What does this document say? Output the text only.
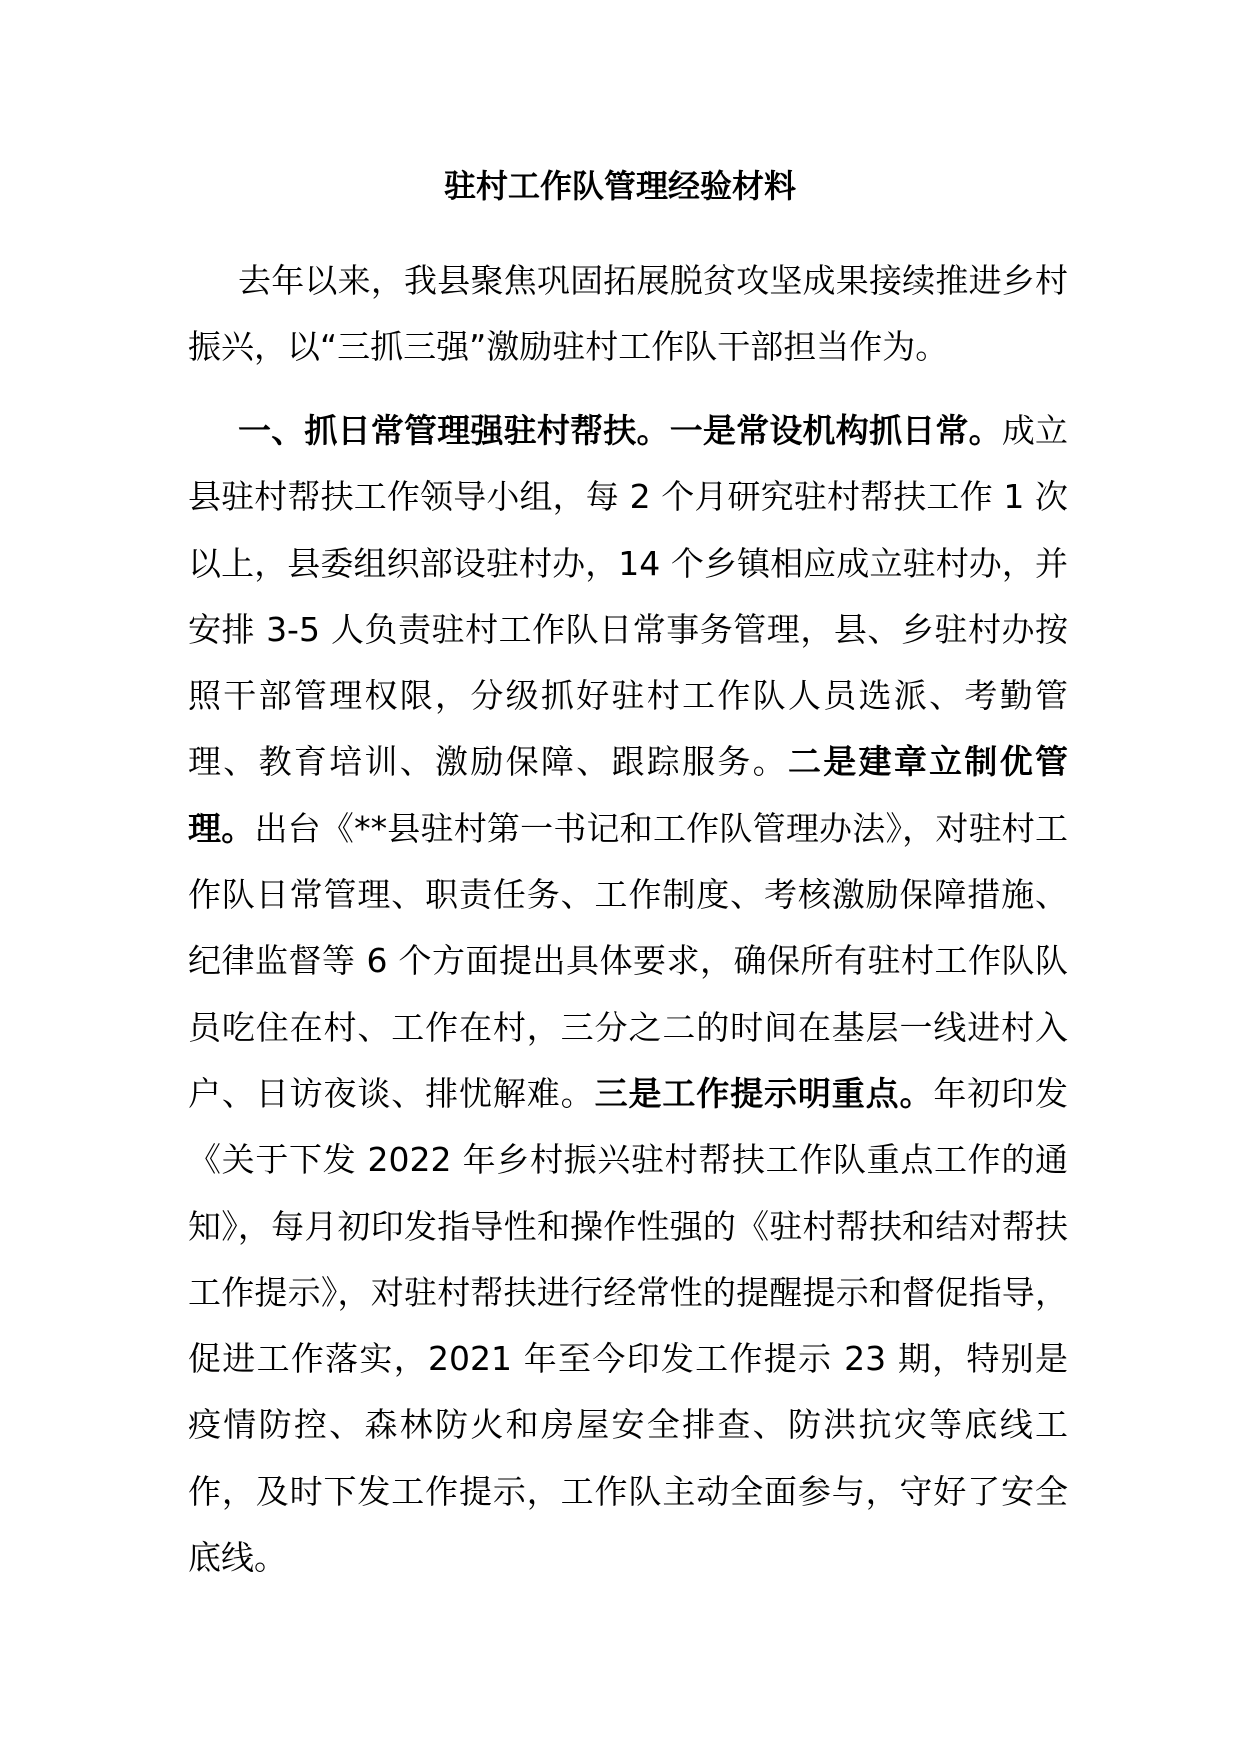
驻村工作队管理经验材料

去年以来，我县聚焦巩固拓展脱贫攻坚成果接续推进乡村振兴，以“三抓三强”激励驻村工作队干部担当作为。

一、抓日常管理强驻村帮扶。一是常设机构抓日常。成立县驻村帮扶工作领导小组，每 2 个月研究驻村帮扶工作 1 次以上，县委组织部设驻村办，14 个乡镇相应成立驻村办，并安排 3-5 人负责驻村工作队日常事务管理，县、乡驻村办按照干部管理权限，分级抓好驻村工作队人员选派、考勤管理、教育培训、激励保障、跟踪服务。二是建章立制优管理。出台《**县驻村第一书记和工作队管理办法》，对驻村工作队日常管理、职责任务、工作制度、考核激励保障措施、纪律监督等 6 个方面提出具体要求，确保所有驻村工作队队员吃住在村、工作在村，三分之二的时间在基层一线进村入户、日访夜谈、排忧解难。三是工作提示明重点。年初印发《关于下发 2022 年乡村振兴驻村帮扶工作队重点工作的通知》，每月初印发指导性和操作性强的《驻村帮扶和结对帮扶工作提示》，对驻村帮扶进行经常性的提醒提示和督促指导，促进工作落实，2021 年至今印发工作提示 23 期，特别是疫情防控、森林防火和房屋安全排查、防洪抗灾等底线工作，及时下发工作提示，工作队主动全面参与，守好了安全底线。
